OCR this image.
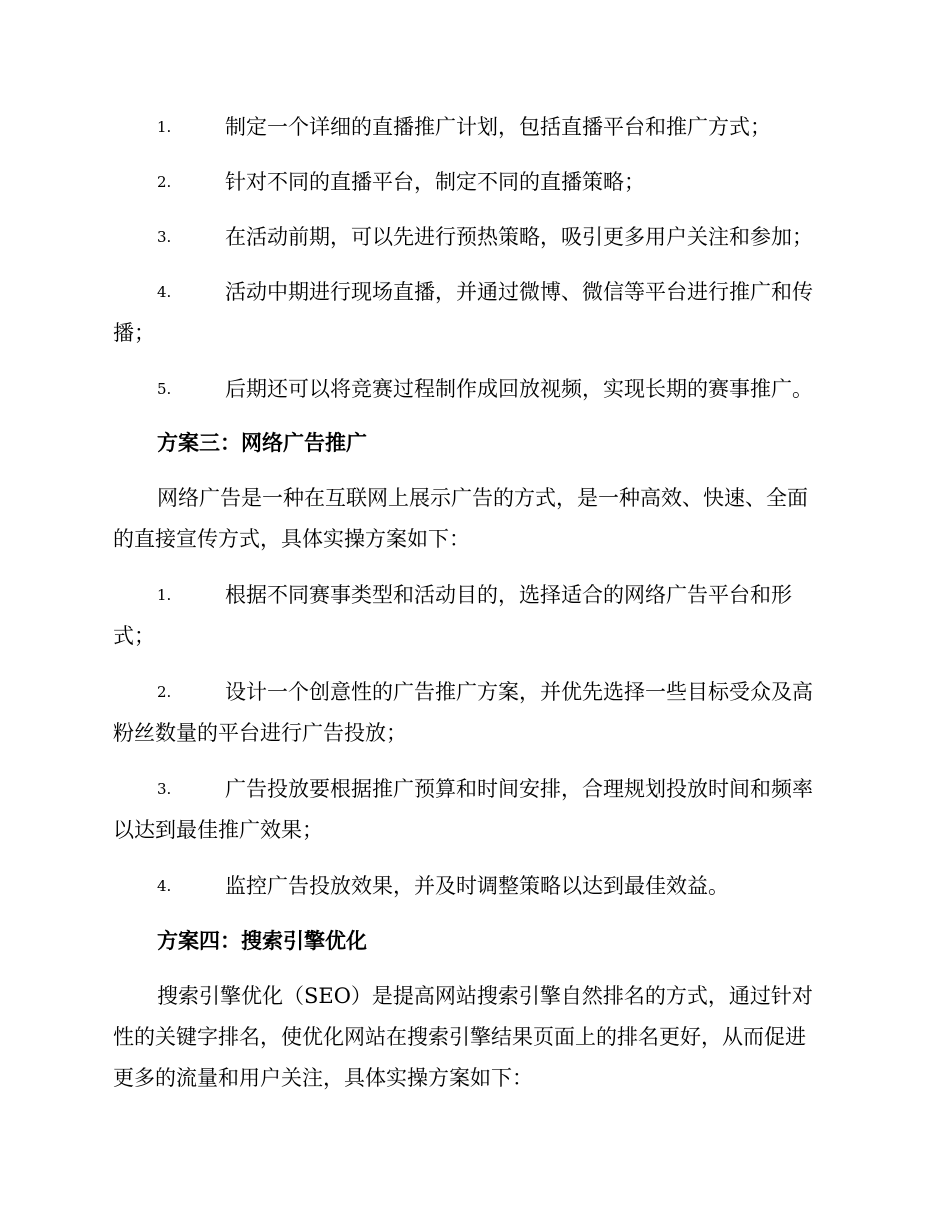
1.	制定一个详细的直播推广计划，包括直播平台和推广方式；
2.	针对不同的直播平台，制定不同的直播策略；
3.	在活动前期，可以先进行预热策略，吸引更多用户关注和参加；
4.	活动中期进行现场直播，并通过微博、微信等平台进行推广和传
播；
5.	后期还可以将竞赛过程制作成回放视频，实现长期的赛事推广。
方案三：网络广告推广
网络广告是一种在互联网上展示广告的方式，是一种高效、快速、全面
的直接宣传方式，具体实操方案如下：
1.	根据不同赛事类型和活动目的，选择适合的网络广告平台和形
式；
2.	设计一个创意性的广告推广方案，并优先选择一些目标受众及高
粉丝数量的平台进行广告投放；
3.	广告投放要根据推广预算和时间安排，合理规划投放时间和频率
以达到最佳推广效果；
4.	监控广告投放效果，并及时调整策略以达到最佳效益。
方案四：搜索引擎优化
搜索引擎优化（SEO）是提高网站搜索引擎自然排名的方式，通过针对
性的关键字排名，使优化网站在搜索引擎结果页面上的排名更好，从而促进
更多的流量和用户关注，具体实操方案如下：
